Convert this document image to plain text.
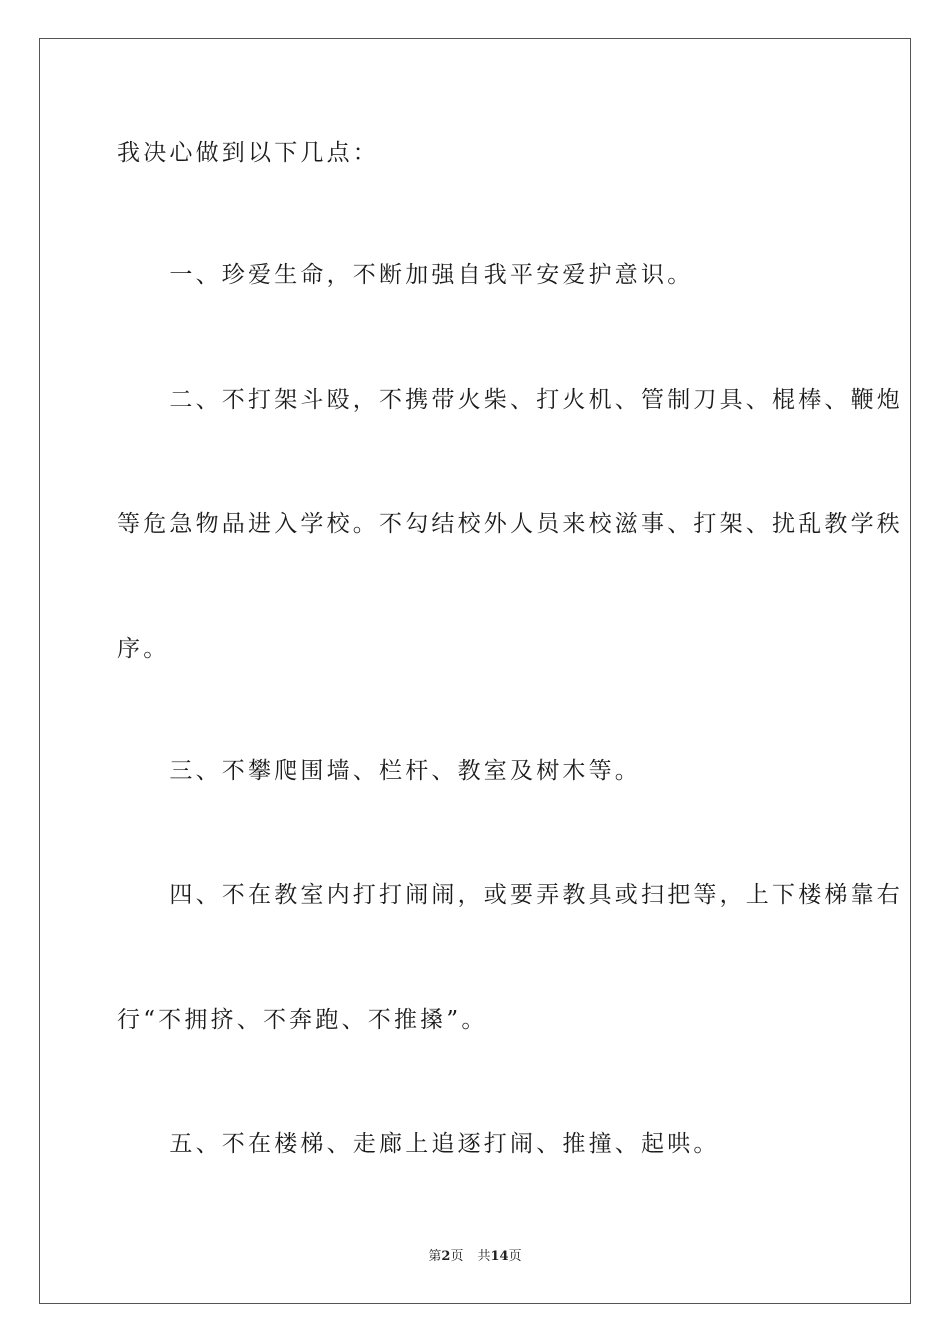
我决心做到以下几点：

　　一、珍爱生命，不断加强自我平安爱护意识。

　　二、不打架斗殴，不携带火柴、打火机、管制刀具、棍棒、鞭炮

等危急物品进入学校。不勾结校外人员来校滋事、打架、扰乱教学秩

序。

　　三、不攀爬围墙、栏杆、教室及树木等。

　　四、不在教室内打打闹闹，或要弄教具或扫把等，上下楼梯靠右

行“不拥挤、不奔跑、不推搡”。

　　五、不在楼梯、走廊上追逐打闹、推撞、起哄。

第2页 共14页
